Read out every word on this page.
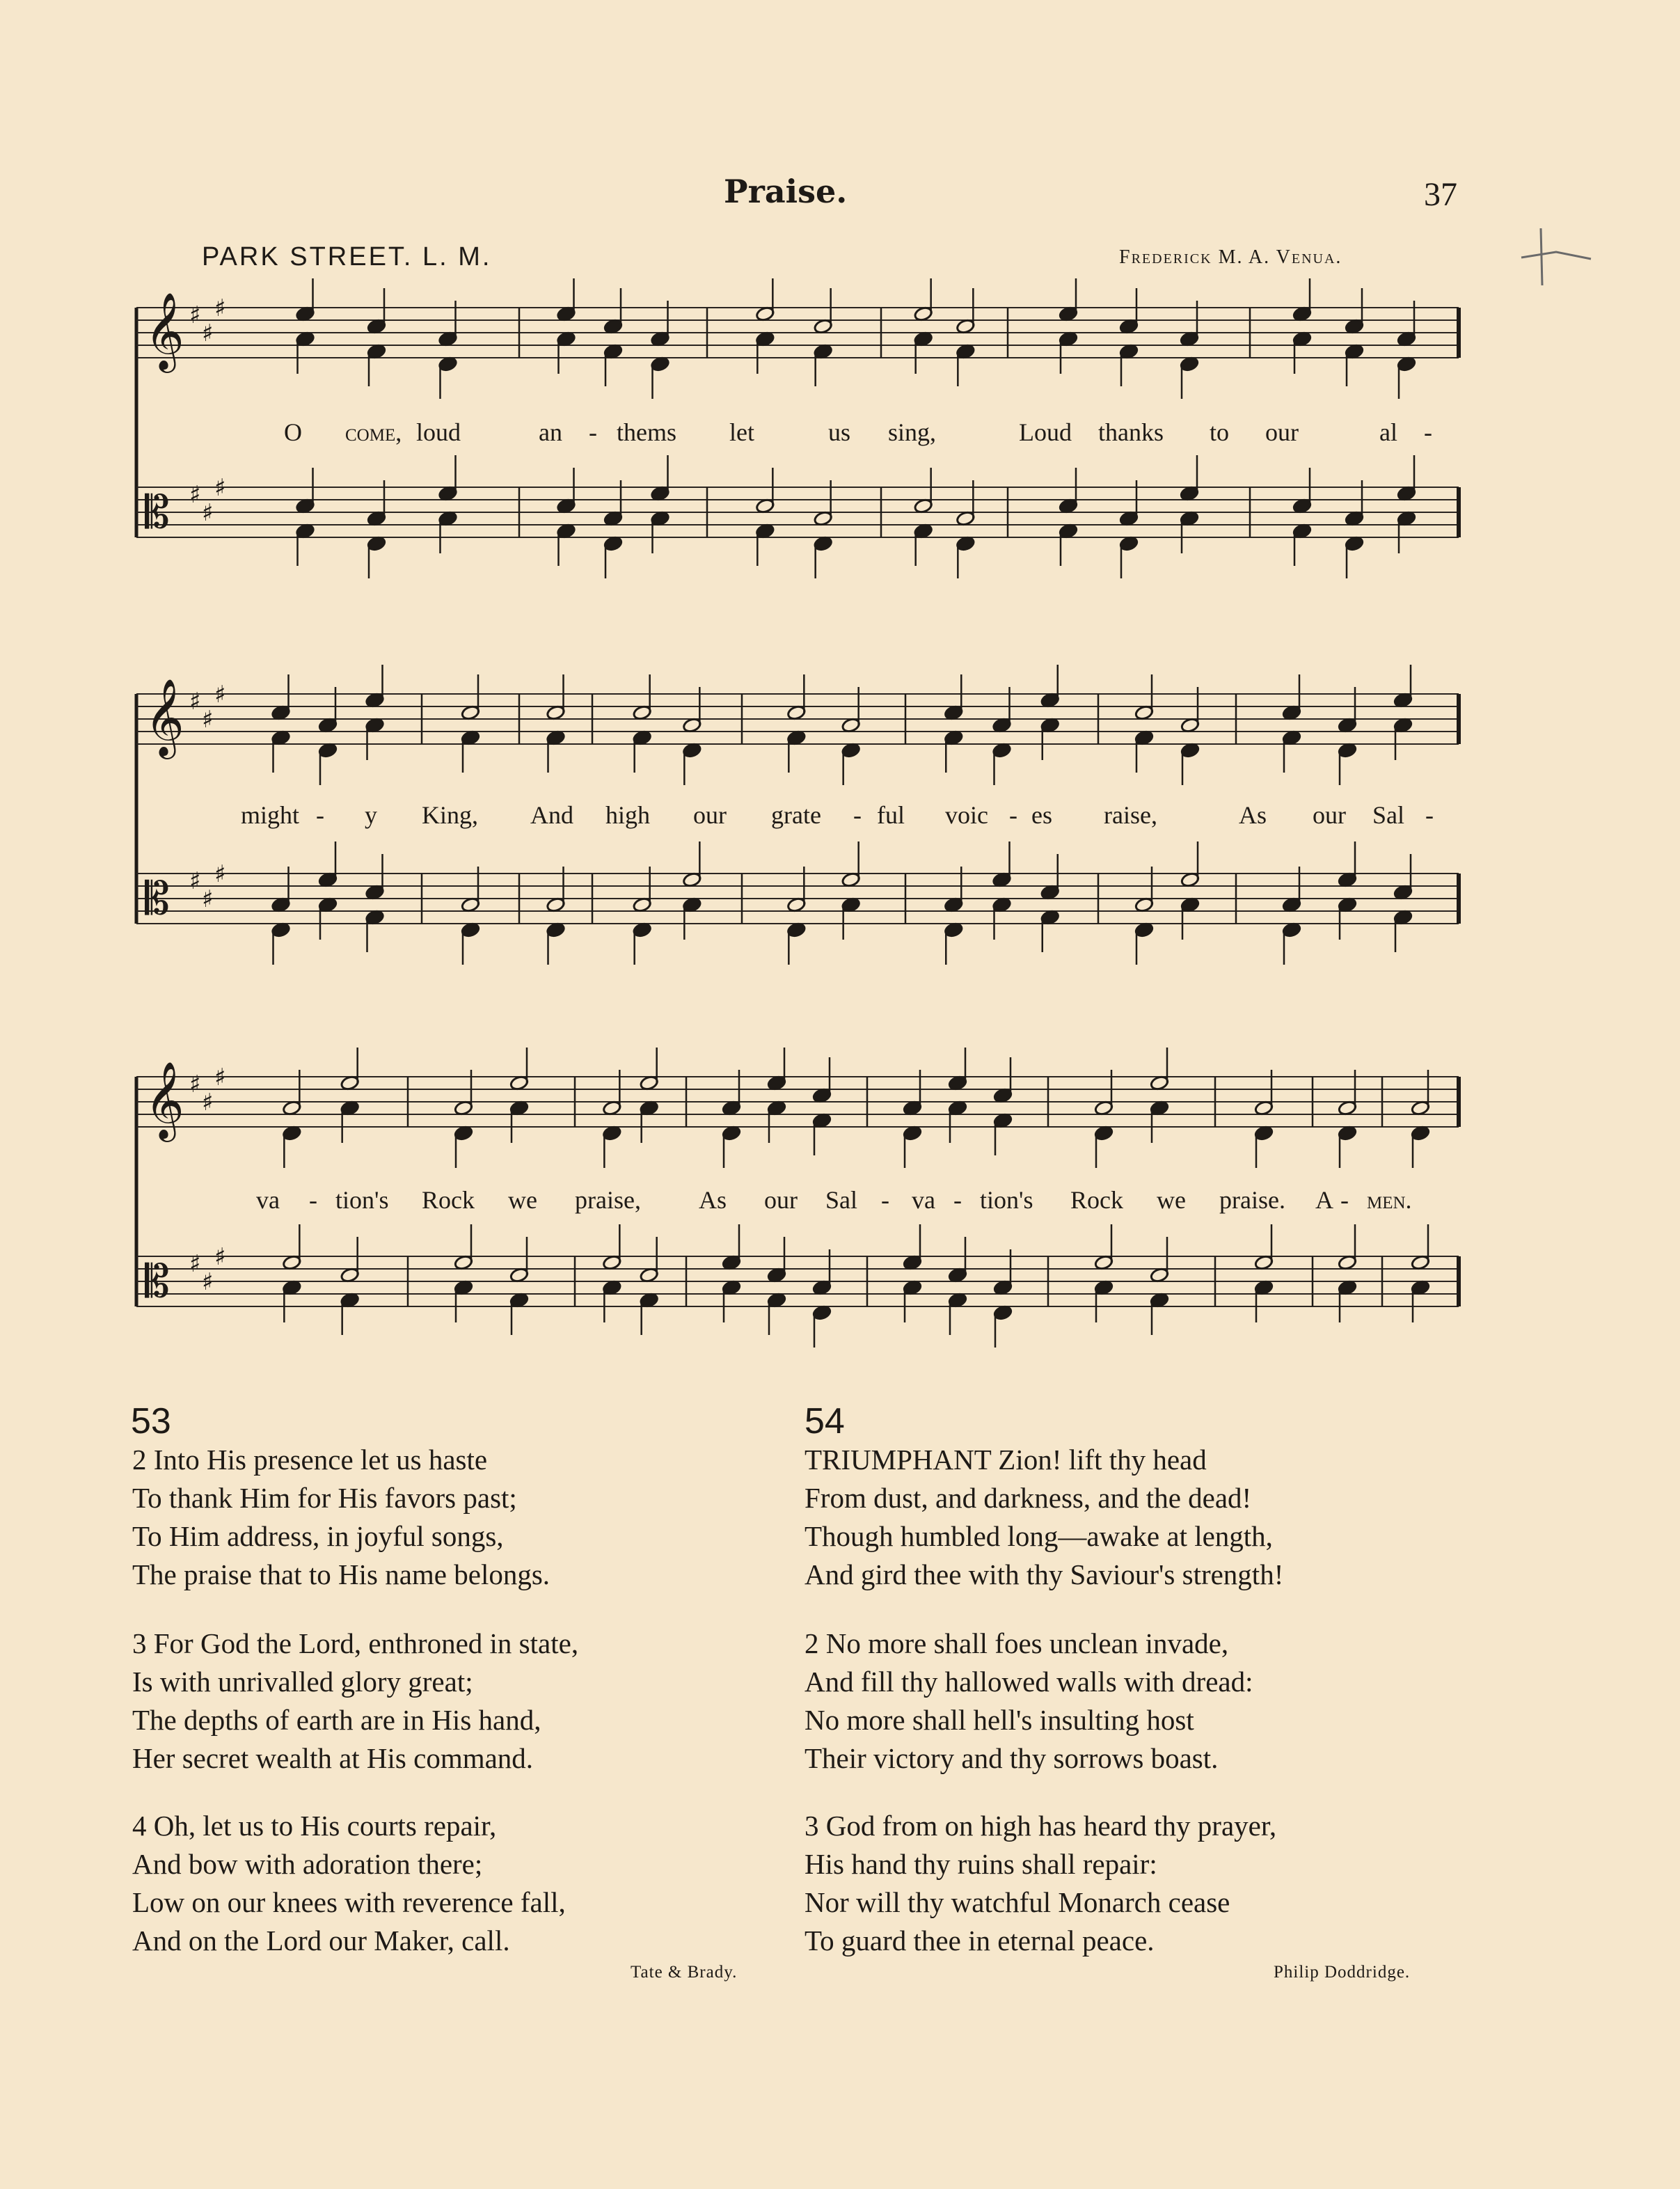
Praise.	37
PARK STREET. L. M.	Frederick M. A. Venua.
𝄞 ♯
♯
♯
𝄡 ♯
♯
♯
O come, loud	an - thems let	us sing,	Loud thanks to our	al -
𝄞 ♯
♯
♯
𝄡 ♯
♯
♯
might - y King, And high our grate - ful voic - es raise,	As our Sal -
𝄞 ♯
♯
♯
𝄡 ♯
♯
♯
va - tion's Rock we praise, As our Sal - va - tion's Rock we praise. A - men.
53
2 Into His presence let us haste
To thank Him for His favors past;
To Him address, in joyful songs,
The praise that to His name belongs.
3 For God the Lord, enthroned in state,
Is with unrivalled glory great;
The depths of earth are in His hand,
Her secret wealth at His command.
4 Oh, let us to His courts repair,
And bow with adoration there;
Low on our knees with reverence fall,
And on the Lord our Maker, call.
Tate & Brady.
54
TRIUMPHANT Zion! lift thy head
From dust, and darkness, and the dead!
Though humbled long—awake at length,
And gird thee with thy Saviour's strength!
2 No more shall foes unclean invade,
And fill thy hallowed walls with dread:
No more shall hell's insulting host
Their victory and thy sorrows boast.
3 God from on high has heard thy prayer,
His hand thy ruins shall repair:
Nor will thy watchful Monarch cease
To guard thee in eternal peace.
Philip Doddridge.
